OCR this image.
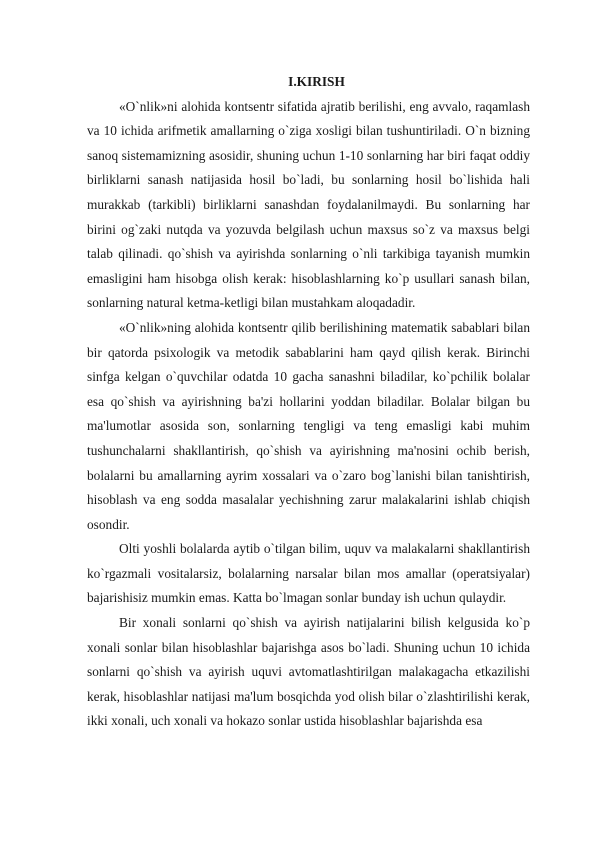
I.KIRISH

«O`nlik»ni alohida kontsentr sifatida ajratib berilishi, eng avvalo, raqamlash va 10 ichida arifmetik amallarning o`ziga xosligi bilan tushuntiriladi. O`n bizning sanoq sistemamizning asosidir, shuning uchun 1-10 sonlarning har biri faqat oddiy birliklarni sanash natijasida hosil bo`ladi, bu sonlarning hosil bo`lishida hali murakkab (tarkibli) birliklarni sanashdan foydalanilmaydi. Bu sonlarning har birini og`zaki nutqda va yozuvda belgilash uchun maxsus so`z va maxsus belgi talab qilinadi. qo`shish va ayirishda sonlarning o`nli tarkibiga tayanish mumkin emasligini ham hisobga olish kerak: hisoblashlarning ko`p usullari sanash bilan, sonlarning natural ketma-ketligi bilan mustahkam aloqadadir.

«O`nlik»ning alohida kontsentr qilib berilishining matematik sabablari bilan bir qatorda psixologik va metodik sabablarini ham qayd qilish kerak. Birinchi sinfga kelgan o`quvchilar odatda 10 gacha sanashni biladilar, ko`pchilik bolalar esa qo`shish va ayirishning ba'zi hollarini yoddan biladilar. Bolalar bilgan bu ma'lumotlar asosida son, sonlarning tengligi va teng emasligi kabi muhim tushunchalarni shakllantirish, qo`shish va ayirishning ma'nosini ochib berish, bolalarni bu amallarning ayrim xossalari va o`zaro bog`lanishi bilan tanishtirish, hisoblash va eng sodda masalalar yechishning zarur malakalarini ishlab chiqish osondir.

Olti yoshli bolalarda aytib o`tilgan bilim, uquv va malakalarni shakllantirish ko`rgazmali vositalarsiz, bolalarning narsalar bilan mos amallar (operatsiyalar) bajarishisiz mumkin emas. Katta bo`lmagan sonlar bunday ish uchun qulaydir.

Bir xonali sonlarni qo`shish va ayirish natijalarini bilish kelgusida ko`p xonali sonlar bilan hisoblashlar bajarishga asos bo`ladi. Shuning uchun 10 ichida sonlarni qo`shish va ayirish uquvi avtomatlashtirilgan malakagacha etkazilishi kerak, hisoblashlar natijasi ma'lum bosqichda yod olish bilar o`zlashtirilishi kerak, ikki xonali, uch xonali va hokazo sonlar ustida hisoblashlar bajarishda esa
